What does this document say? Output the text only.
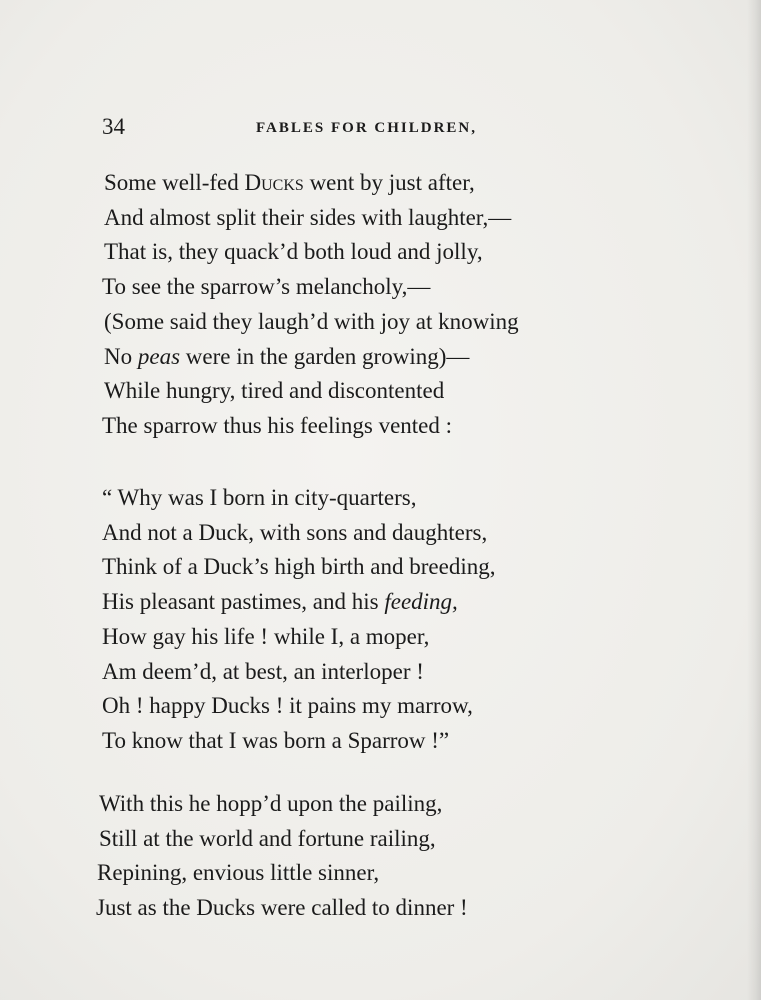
34	FABLES FOR CHILDREN,
Some well-fed Ducks went by just after,
And almost split their sides with laughter,—
That is, they quack’d both loud and jolly,
To see the sparrow’s melancholy,—
(Some said they laugh’d with joy at knowing
No peas were in the garden growing)—
While hungry, tired and discontented
The sparrow thus his feelings vented :
“ Why was I born in city-quarters,
And not a Duck, with sons and daughters,
Think of a Duck’s high birth and breeding,
His pleasant pastimes, and his feeding,
How gay his life ! while I, a moper,
Am deem’d, at best, an interloper !
Oh ! happy Ducks ! it pains my marrow,
To know that I was born a Sparrow !”
With this he hopp’d upon the pailing,
Still at the world and fortune railing,
Repining, envious little sinner,
Just as the Ducks were called to dinner !
